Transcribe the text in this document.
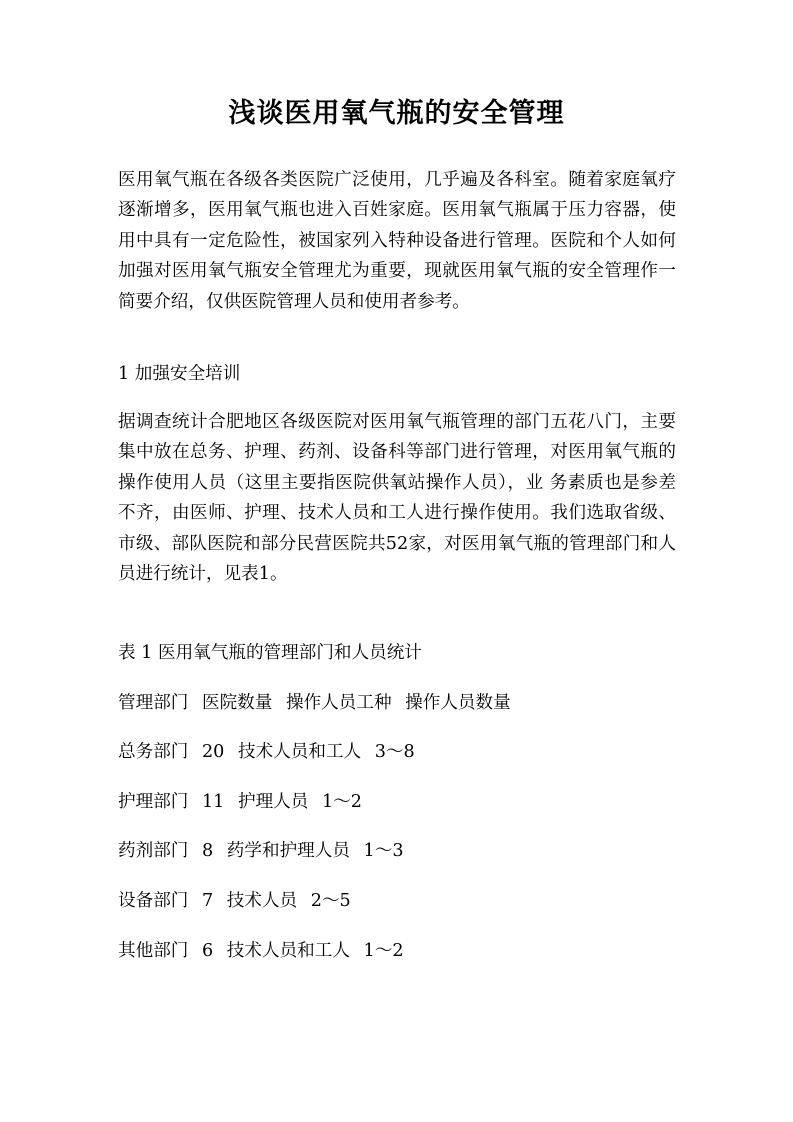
浅谈医用氧气瓶的安全管理
医用氧气瓶在各级各类医院广泛使用，几乎遍及各科室。随着家庭氧疗逐渐增多，医用氧气瓶也进入百姓家庭。医用氧气瓶属于压力容器，使用中具有一定危险性，被国家列入特种设备进行管理。医院和个人如何加强对医用氧气瓶安全管理尤为重要，现就医用氧气瓶的安全管理作一简要介绍，仅供医院管理人员和使用者参考。
1 加强安全培训
据调查统计合肥地区各级医院对医用氧气瓶管理的部门五花八门，主要集中放在总务、护理、药剂、设备科等部门进行管理，对医用氧气瓶的操作使用人员（这里主要指医院供氧站操作人员），业 务素质也是参差不齐，由医师、护理、技术人员和工人进行操作使用。我们选取省级、市级、部队医院和部分民营医院共52家，对医用氧气瓶的管理部门和人员进行统计，见表1。
表 1 医用氧气瓶的管理部门和人员统计
管理部门 医院数量 操作人员工种 操作人员数量
总务部门 20 技术人员和工人 3～8
护理部门 11 护理人员 1～2
药剂部门 8 药学和护理人员 1～3
设备部门 7 技术人员 2～5
其他部门 6 技术人员和工人 1～2
